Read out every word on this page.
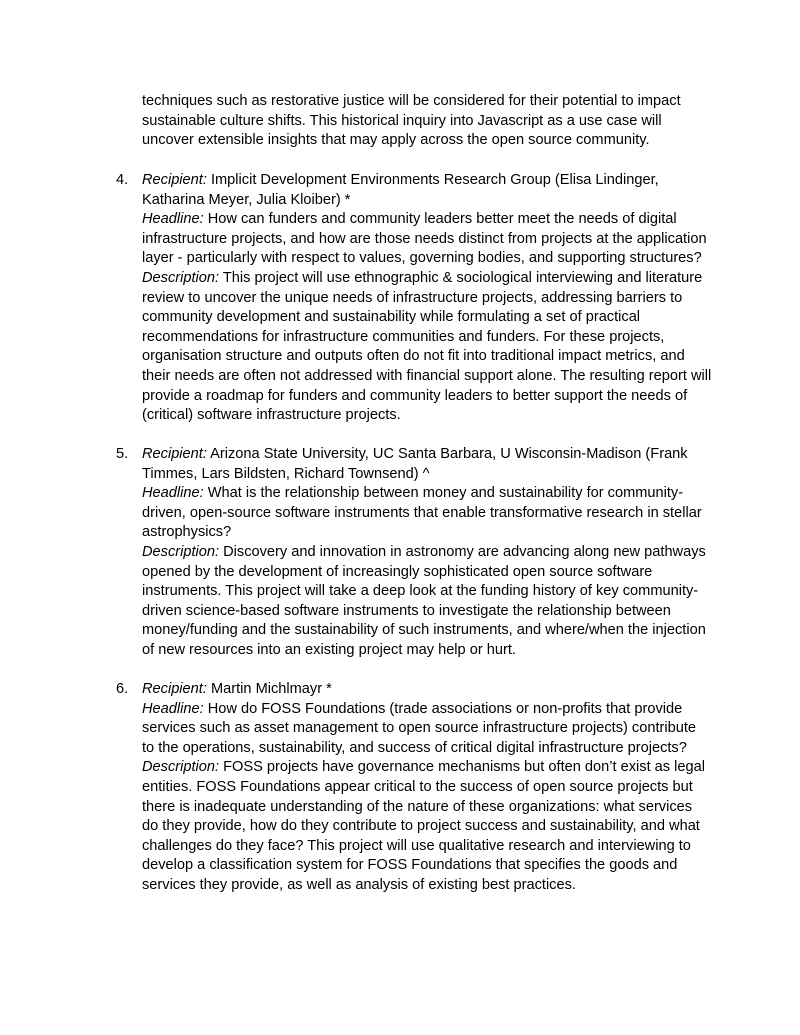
techniques such as restorative justice will be considered for their potential to impact sustainable culture shifts. This historical inquiry into Javascript as a use case will uncover extensible insights that may apply across the open source community.
4. Recipient: Implicit Development Environments Research Group (Elisa Lindinger, Katharina Meyer, Julia Kloiber) *

Headline: How can funders and community leaders better meet the needs of digital infrastructure projects, and how are those needs distinct from projects at the application layer - particularly with respect to values, governing bodies, and supporting structures?

Description: This project will use ethnographic & sociological interviewing and literature review to uncover the unique needs of infrastructure projects, addressing barriers to community development and sustainability while formulating a set of practical recommendations for infrastructure communities and funders. For these projects, organisation structure and outputs often do not fit into traditional impact metrics, and their needs are often not addressed with financial support alone. The resulting report will provide a roadmap for funders and community leaders to better support the needs of (critical) software infrastructure projects.

5. Recipient: Arizona State University, UC Santa Barbara, U Wisconsin-Madison (Frank Timmes, Lars Bildsten, Richard Townsend) ^

Headline: What is the relationship between money and sustainability for community-driven, open-source software instruments that enable transformative research in stellar astrophysics?

Description: Discovery and innovation in astronomy are advancing along new pathways opened by the development of increasingly sophisticated open source software instruments. This project will take a deep look at the funding history of key community-driven science-based software instruments to investigate the relationship between money/funding and the sustainability of such instruments, and where/when the injection of new resources into an existing project may help or hurt.

6. Recipient: Martin Michlmayr *

Headline: How do FOSS Foundations (trade associations or non-profits that provide services such as asset management to open source infrastructure projects) contribute to the operations, sustainability, and success of critical digital infrastructure projects?

Description: FOSS projects have governance mechanisms but often don’t exist as legal entities. FOSS Foundations appear critical to the success of open source projects but there is inadequate understanding of the nature of these organizations: what services do they provide, how do they contribute to project success and sustainability, and what challenges do they face? This project will use qualitative research and interviewing to develop a classification system for FOSS Foundations that specifies the goods and services they provide, as well as analysis of existing best practices.
